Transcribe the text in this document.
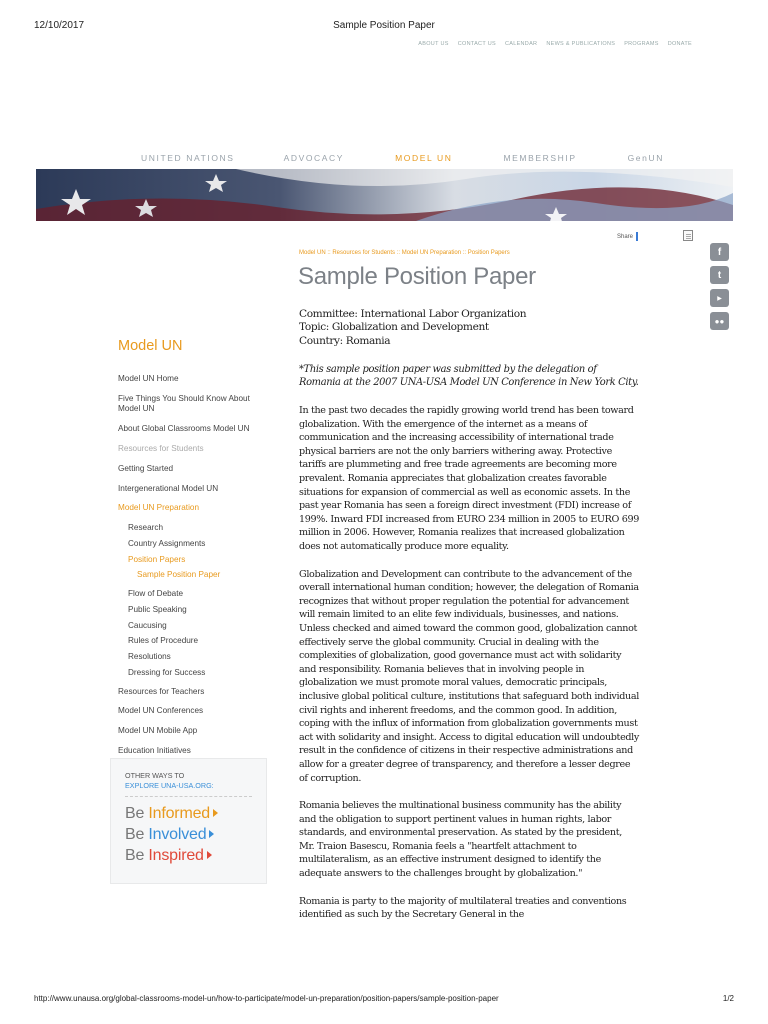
12/10/2017	Sample Position Paper
ABOUT US CONTACT US CALENDAR NEWS & PUBLICATIONS PROGRAMS DONATE
UNITED NATIONS	ADVOCACY	MODEL UN	MEMBERSHIP	GenUN
Share
f
t
▶
●●
Model UN :: Resources for Students :: Model UN Preparation :: Position Papers
Sample Position Paper
Committee: International Labor Organization
Topic: Globalization and Development
Country: Romania

*This sample position paper was submitted by the delegation of Romania at the 2007 UNA-USA Model UN Conference in New York City.

In the past two decades the rapidly growing world trend has been toward globalization. With the emergence of the internet as a means of communication and the increasing accessibility of international trade physical barriers are not the only barriers withering away. Protective tariffs are plummeting and free trade agreements are becoming more prevalent. Romania appreciates that globalization creates favorable situations for expansion of commercial as well as economic assets. In the past year Romania has seen a foreign direct investment (FDI) increase of 199%. Inward FDI increased from EURO 234 million in 2005 to EURO 699 million in 2006. However, Romania realizes that increased globalization does not automatically produce more equality.

Globalization and Development can contribute to the advancement of the overall international human condition; however, the delegation of Romania recognizes that without proper regulation the potential for advancement will remain limited to an elite few individuals, businesses, and nations. Unless checked and aimed toward the common good, globalization cannot effectively serve the global community. Crucial in dealing with the complexities of globalization, good governance must act with solidarity and responsibility. Romania believes that in involving people in globalization we must promote moral values, democratic principals, inclusive global political culture, institutions that safeguard both individual civil rights and inherent freedoms, and the common good. In addition, coping with the influx of information from globalization governments must act with solidarity and insight. Access to digital education will undoubtedly result in the confidence of citizens in their respective administrations and allow for a greater degree of transparency, and therefore a lesser degree of corruption.

Romania believes the multinational business community has the ability and the obligation to support pertinent values in human rights, labor standards, and environmental preservation. As stated by the president, Mr. Traion Basescu, Romania feels a "heartfelt attachment to multilateralism, as an effective instrument designed to identify the adequate answers to the challenges brought by globalization."

Romania is party to the majority of multilateral treaties and conventions identified as such by the Secretary General in the

Model UN
Model UN Home
Five Things You Should Know About Model UN
About Global Classrooms Model UN
Resources for Students
Getting Started
Intergenerational Model UN
Model UN Preparation
Research
Country Assignments
Position Papers
Sample Position Paper
Flow of Debate
Public Speaking
Caucusing
Rules of Procedure
Resolutions
Dressing for Success
Resources for Teachers
Model UN Conferences
Model UN Mobile App
Education Initiatives
OTHER WAYS TO
EXPLORE UNA-USA.ORG:
Be Informed
Be Involved
Be Inspired
http://www.unausa.org/global-classrooms-model-un/how-to-participate/model-un-preparation/position-papers/sample-position-paper	1/2
